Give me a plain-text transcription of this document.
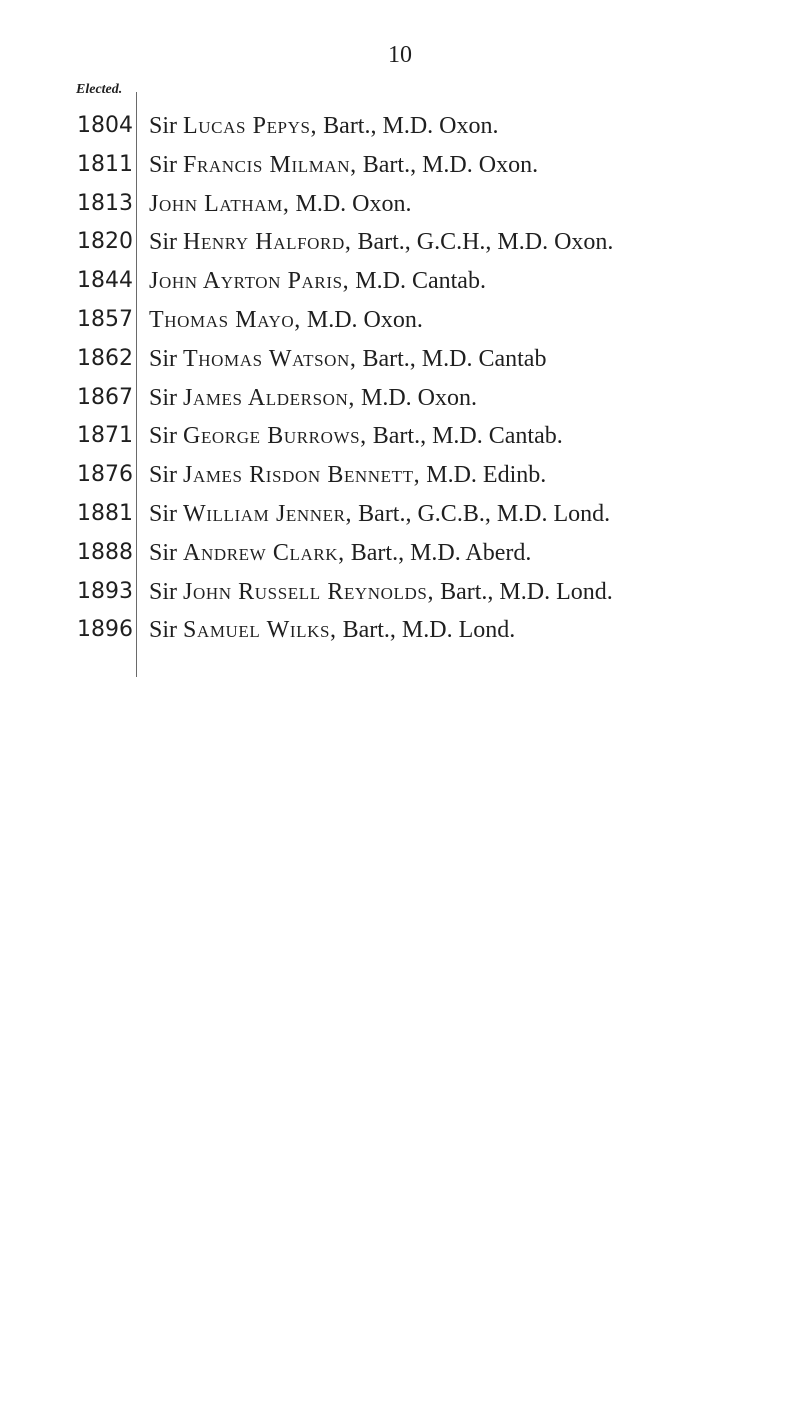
10
Elected.
1804 Sir Lucas Pepys, Bart., M.D. Oxon.
1811 Sir Francis Milman, Bart., M.D. Oxon.
1813 John Latham, M.D. Oxon.
1820 Sir Henry Halford, Bart., G.C.H., M.D. Oxon.
1844 John Ayrton Paris, M.D. Cantab.
1857 Thomas Mayo, M.D. Oxon.
1862 Sir Thomas Watson, Bart., M.D. Cantab
1867 Sir James Alderson, M.D. Oxon.
1871 Sir George Burrows, Bart., M.D. Cantab.
1876 Sir James Risdon Bennett, M.D. Edinb.
1881 Sir William Jenner, Bart., G.C.B., M.D. Lond.
1888 Sir Andrew Clark, Bart., M.D. Aberd.
1893 Sir John Russell Reynolds, Bart., M.D. Lond.
1896 Sir Samuel Wilks, Bart., M.D. Lond.
